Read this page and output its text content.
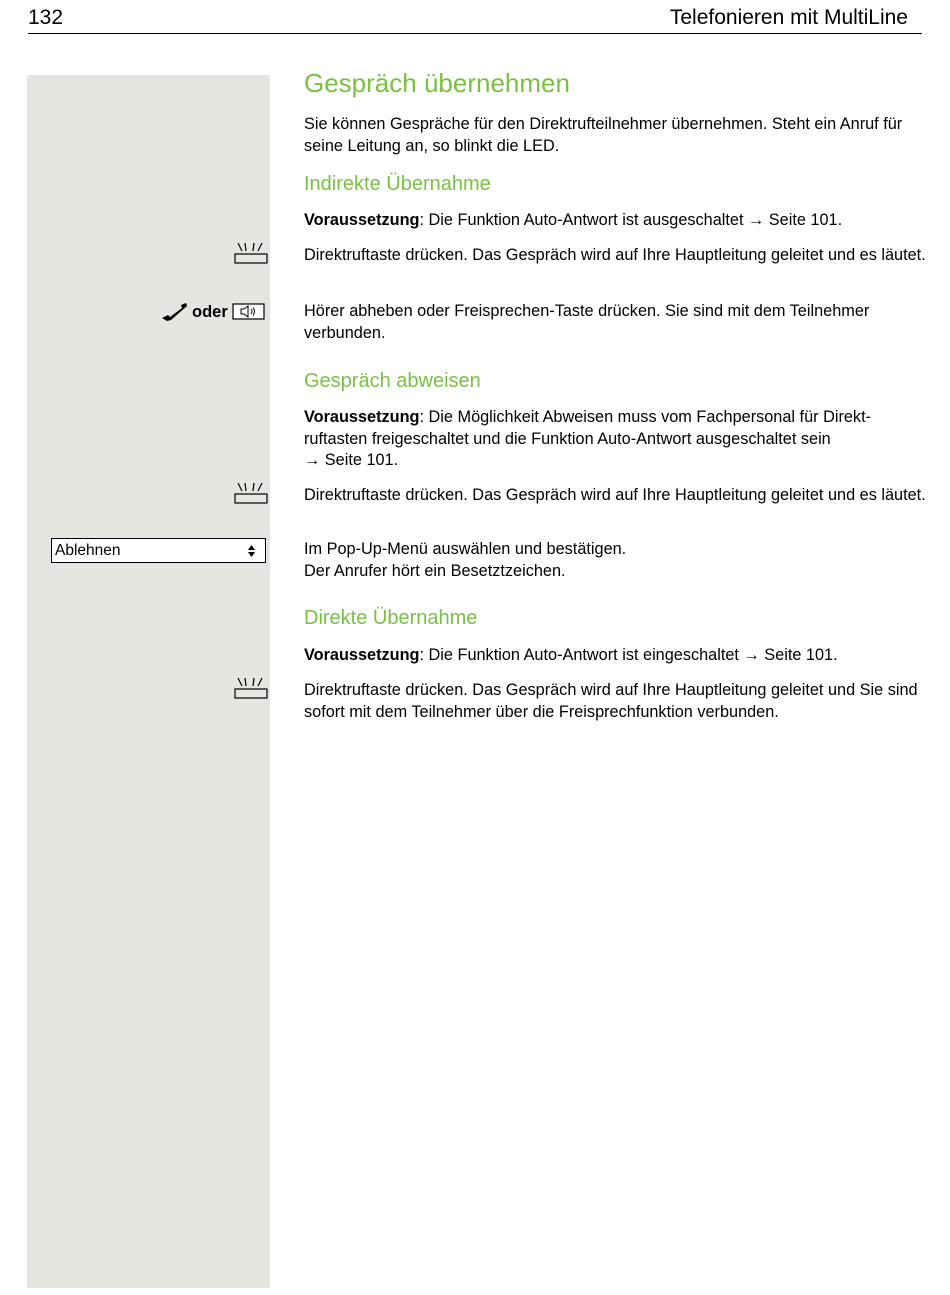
132	Telefonieren mit MultiLine
Gespräch übernehmen
Sie können Gespräche für den Direktrufteilnehmer übernehmen. Steht ein Anruf für seine Leitung an, so blinkt die LED.
Indirekte Übernahme
Voraussetzung: Die Funktion Auto-Antwort ist ausgeschaltet → Seite 101.
Direktruftaste drücken. Das Gespräch wird auf Ihre Hauptleitung geleitet und es läutet.
oder	Hörer abheben oder Freisprechen-Taste drücken. Sie sind mit dem Teilnehmer verbunden.
Gespräch abweisen
Voraussetzung: Die Möglichkeit Abweisen muss vom Fachpersonal für Direkt-
ruftasten freigeschaltet und die Funktion Auto-Antwort ausgeschaltet sein
→ Seite 101.
Direktruftaste drücken. Das Gespräch wird auf Ihre Hauptleitung geleitet und es läutet.
Ablehnen	Im Pop-Up-Menü auswählen und bestätigen.
Der Anrufer hört ein Besetztzeichen.
Direkte Übernahme
Voraussetzung: Die Funktion Auto-Antwort ist eingeschaltet → Seite 101.
Direktruftaste drücken. Das Gespräch wird auf Ihre Hauptleitung geleitet und Sie sind sofort mit dem Teilnehmer über die Freisprechfunktion verbunden.
